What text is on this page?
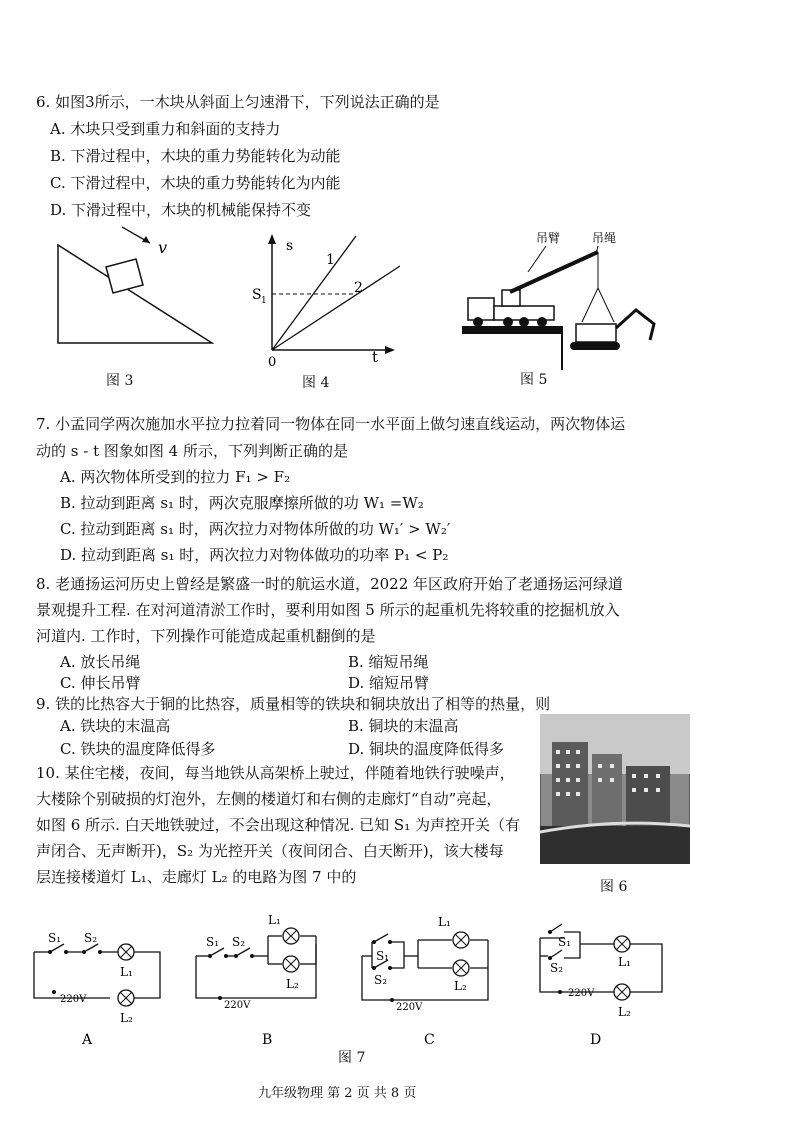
6. 如图3所示，一木块从斜面上匀速滑下，下列说法正确的是
A. 木块只受到重力和斜面的支持力
B. 下滑过程中，木块的重力势能转化为动能
C. 下滑过程中，木块的重力势能转化为内能
D. 下滑过程中，木块的机械能保持不变
v
图 3
s
t
0
S 1
1
2
图 4
吊臂	吊绳
图 5
7. 小孟同学两次施加水平拉力拉着同一物体在同一水平面上做匀速直线运动，两次物体运
动的 s - t 图象如图 4 所示，下列判断正确的是
A. 两次物体所受到的拉力 F₁ > F₂
B. 拉动到距离 s₁ 时，两次克服摩擦所做的功 W₁ =W₂
C. 拉动到距离 s₁ 时，两次拉力对物体所做的功 W₁′ > W₂′
D. 拉动到距离 s₁ 时，两次拉力对物体做功的功率 P₁ < P₂
8. 老通扬运河历史上曾经是繁盛一时的航运水道，2022 年区政府开始了老通扬运河绿道
景观提升工程. 在对河道清淤工作时，要利用如图 5 所示的起重机先将较重的挖掘机放入
河道内. 工作时，下列操作可能造成起重机翻倒的是
A. 放长吊绳	B. 缩短吊绳
C. 伸长吊臂	D. 缩短吊臂
9. 铁的比热容大于铜的比热容，质量相等的铁块和铜块放出了相等的热量，则
A. 铁块的末温高	B. 铜块的末温高
C. 铁块的温度降低得多	D. 铜块的温度降低得多
图 6
10. 某住宅楼，夜间，每当地铁从高架桥上驶过，伴随着地铁行驶噪声，
大楼除个别破损的灯泡外，左侧的楼道灯和右侧的走廊灯“自动”亮起，
如图 6 所示. 白天地铁驶过，不会出现这种情况. 已知 S₁ 为声控开关（有
声闭合、无声断开)，S₂ 为光控开关（夜间闭合、白天断开)，该大楼每
层连接楼道灯 L₁、走廊灯 L₂ 的电路为图 7 中的
S₁ S₂
L₁
L₂
220V
A
S₁ S₂
L₁
L₂
220V
B
S₁
S₂
L₁
L₂
220V
C
S₁
S₂	L₁
L₂
220V
D
图 7
九年级物理 第 2 页 共 8 页
